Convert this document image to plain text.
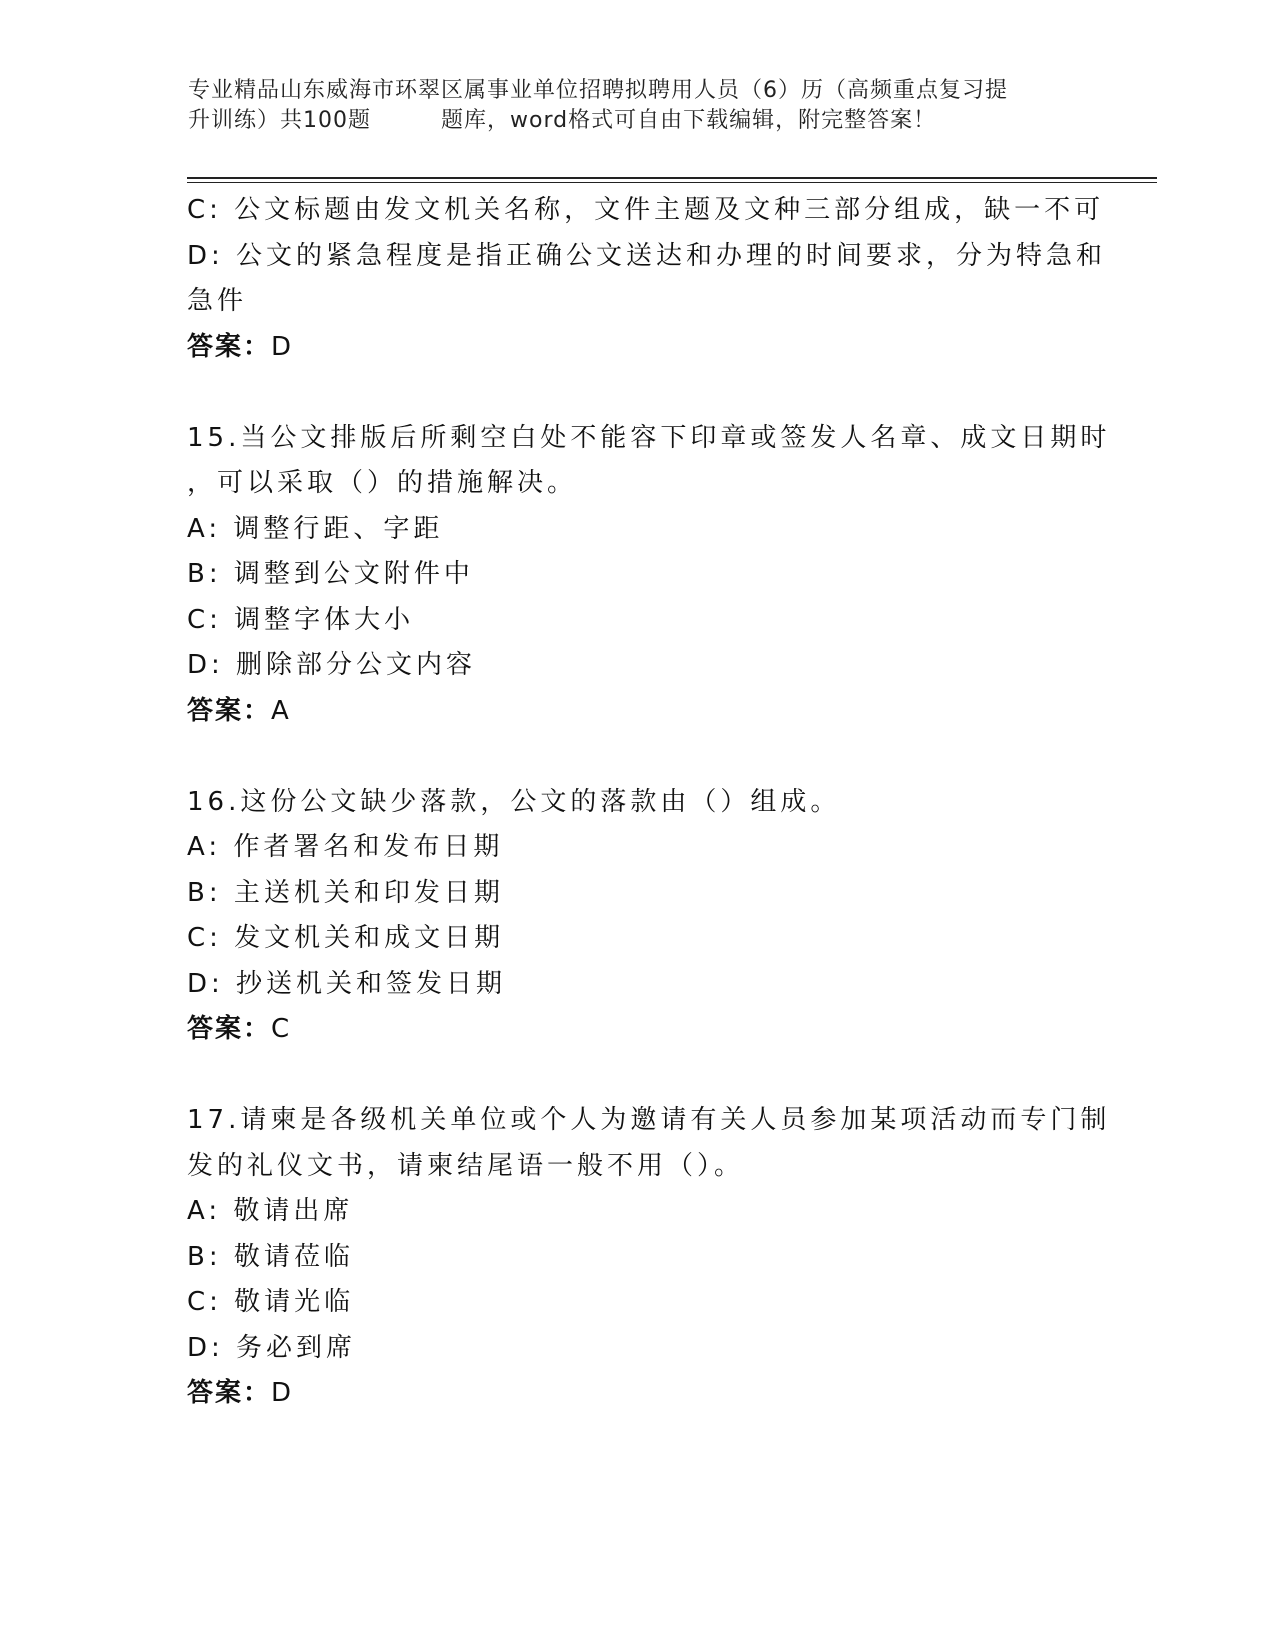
专业精品山东威海市环翠区属事业单位招聘拟聘用人员（6）历（高频重点复习提
升训练）共100题	题库，word格式可自由下载编辑，附完整答案！
C: 公文标题由发文机关名称，文件主题及文种三部分组成，缺一不可
D: 公文的紧急程度是指正确公文送达和办理的时间要求，分为特急和
急件
答案：D
15.当公文排版后所剩空白处不能容下印章或签发人名章、成文日期时
，可以采取（）的措施解决。
A: 调整行距、字距
B: 调整到公文附件中
C: 调整字体大小
D: 删除部分公文内容
答案：A
16.这份公文缺少落款，公文的落款由（）组成。
A: 作者署名和发布日期
B: 主送机关和印发日期
C: 发文机关和成文日期
D: 抄送机关和签发日期
答案：C
17.请柬是各级机关单位或个人为邀请有关人员参加某项活动而专门制
发的礼仪文书，请柬结尾语一般不用（）。
A: 敬请出席
B: 敬请莅临
C: 敬请光临
D: 务必到席
答案：D
